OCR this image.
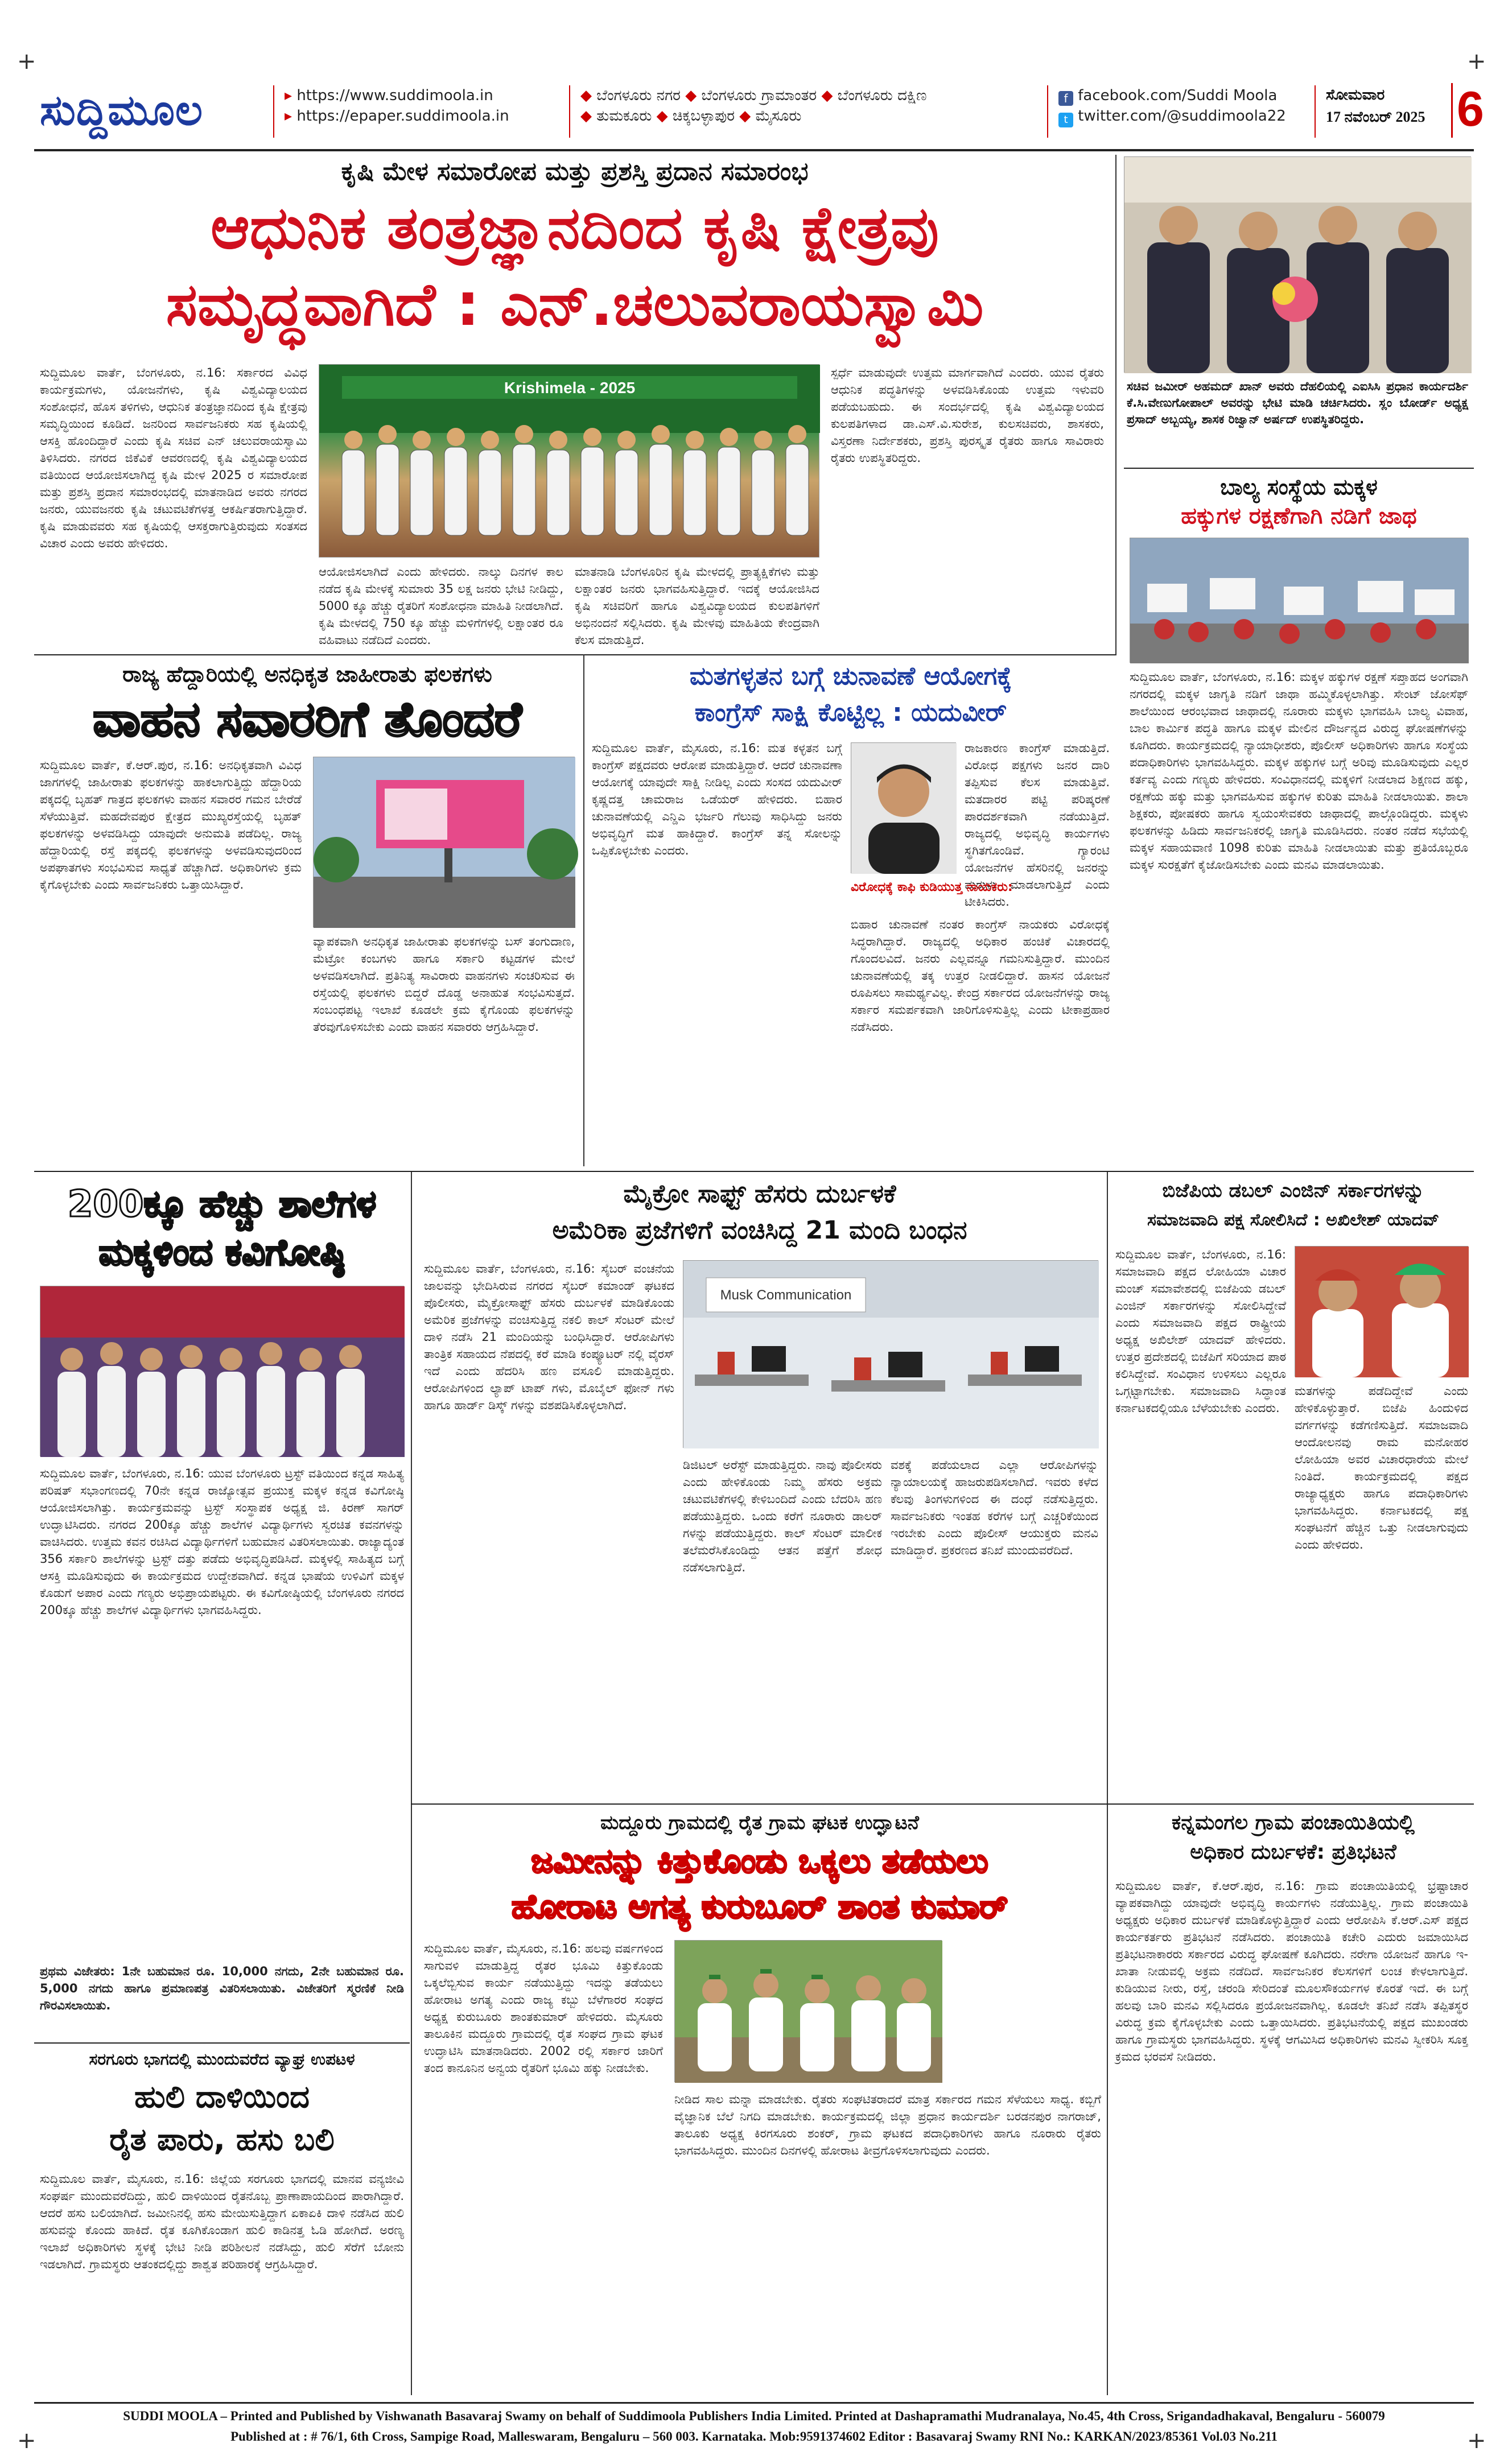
+	+
+	+
ಸುದ್ದಿಮೂಲ	▸ https://www.suddimoola.in
▸ https://epaper.suddimoola.in
◆ ಬೆಂಗಳೂರು ನಗರ ◆ ಬೆಂಗಳೂರು ಗ್ರಾಮಾಂತರ ◆ ಬೆಂಗಳೂರು ದಕ್ಷಿಣ
◆ ತುಮಕೂರು ◆ ಚಿಕ್ಕಬಳ್ಳಾಪುರ ◆ ಮೈಸೂರು
f facebook.com/Suddi Moola
t twitter.com/@suddimoola22
ಸೋಮವಾರ
17 ನವೆಂಬರ್ 2025 6
ಕೃಷಿ ಮೇಳ ಸಮಾರೋಪ ಮತ್ತು ಪ್ರಶಸ್ತಿ ಪ್ರದಾನ ಸಮಾರಂಭ
ಆಧುನಿಕ ತಂತ್ರಜ್ಞಾನದಿಂದ ಕೃಷಿ ಕ್ಷೇತ್ರವು
ಸಮೃದ್ಧವಾಗಿದೆ : ಎನ್.ಚಲುವರಾಯಸ್ವಾಮಿ
ಸುದ್ದಿಮೂಲ ವಾರ್ತೆ, ಬೆಂಗಳೂರು, ನ.16: ಸರ್ಕಾರದ ವಿವಿಧ ಕಾರ್ಯಕ್ರಮಗಳು, ಯೋಜನೆಗಳು, ಕೃಷಿ ವಿಶ್ವವಿದ್ಯಾಲಯದ ಸಂಶೋಧನೆ, ಹೊಸ ತಳಿಗಳು, ಆಧುನಿಕ ತಂತ್ರಜ್ಞಾನದಿಂದ ಕೃಷಿ ಕ್ಷೇತ್ರವು ಸಮೃದ್ಧಿಯಿಂದ ಕೂಡಿದೆ. ಜನರಿಂದ ಸಾರ್ವಜನಿಕರು ಸಹ ಕೃಷಿಯಲ್ಲಿ ಆಸಕ್ತಿ ಹೊಂದಿದ್ದಾರೆ ಎಂದು ಕೃಷಿ ಸಚಿವ ಎನ್ ಚಲುವರಾಯಸ್ವಾಮಿ ತಿಳಿಸಿದರು. ನಗರದ ಜಿಕೆವಿಕೆ ಆವರಣದಲ್ಲಿ ಕೃಷಿ ವಿಶ್ವವಿದ್ಯಾಲಯದ ವತಿಯಿಂದ ಆಯೋಜಿಸಲಾಗಿದ್ದ ಕೃಷಿ ಮೇಳ 2025 ರ ಸಮಾರೋಪ ಮತ್ತು ಪ್ರಶಸ್ತಿ ಪ್ರದಾನ ಸಮಾರಂಭದಲ್ಲಿ ಮಾತನಾಡಿದ ಅವರು ನಗರದ ಜನರು, ಯುವಜನರು ಕೃಷಿ ಚಟುವಟಿಕೆಗಳತ್ತ ಆಕರ್ಷಿತರಾಗುತ್ತಿದ್ದಾರೆ. ಕೃಷಿ ಮಾಡುವವರು ಸಹ ಕೃಷಿಯಲ್ಲಿ ಆಸಕ್ತರಾಗುತ್ತಿರುವುದು ಸಂತಸದ ವಿಚಾರ ಎಂದು ಅವರು ಹೇಳಿದರು.
Krishimela - 2025
ಆಯೋಜಿಸಲಾಗಿದೆ ಎಂದು ಹೇಳಿದರು. ನಾಲ್ಕು ದಿನಗಳ ಕಾಲ ನಡೆದ ಕೃಷಿ ಮೇಳಕ್ಕೆ ಸುಮಾರು 35 ಲಕ್ಷ ಜನರು ಭೇಟಿ ನೀಡಿದ್ದು, 5000 ಕ್ಕೂ ಹೆಚ್ಚು ರೈತರಿಗೆ ಸಂಶೋಧನಾ ಮಾಹಿತಿ ನೀಡಲಾಗಿದೆ. ಕೃಷಿ ಮೇಳದಲ್ಲಿ 750 ಕ್ಕೂ ಹೆಚ್ಚು ಮಳಿಗೆಗಳಲ್ಲಿ ಲಕ್ಷಾಂತರ ರೂ ವಹಿವಾಟು ನಡೆದಿದೆ ಎಂದರು.
ಮಾತನಾಡಿ ಬೆಂಗಳೂರಿನ ಕೃಷಿ ಮೇಳದಲ್ಲಿ ಪ್ರಾತ್ಯಕ್ಷಿಕೆಗಳು ಮತ್ತು ಲಕ್ಷಾಂತರ ಜನರು ಭಾಗವಹಿಸುತ್ತಿದ್ದಾರೆ. ಇದಕ್ಕೆ ಆಯೋಜಿಸಿದ ಕೃಷಿ ಸಚಿವರಿಗೆ ಹಾಗೂ ವಿಶ್ವವಿದ್ಯಾಲಯದ ಕುಲಪತಿಗಳಿಗೆ ಅಭಿನಂದನೆ ಸಲ್ಲಿಸಿದರು. ಕೃಷಿ ಮೇಳವು ಮಾಹಿತಿಯ ಕೇಂದ್ರವಾಗಿ ಕೆಲಸ ಮಾಡುತ್ತಿದೆ.
ಸ್ಪರ್ಧೆ ಮಾಡುವುದೇ ಉತ್ತಮ ಮಾರ್ಗವಾಗಿದೆ ಎಂದರು. ಯುವ ರೈತರು ಆಧುನಿಕ ಪದ್ಧತಿಗಳನ್ನು ಅಳವಡಿಸಿಕೊಂಡು ಉತ್ತಮ ಇಳುವರಿ ಪಡೆಯಬಹುದು. ಈ ಸಂದರ್ಭದಲ್ಲಿ ಕೃಷಿ ವಿಶ್ವವಿದ್ಯಾಲಯದ ಕುಲಪತಿಗಳಾದ ಡಾ.ಎಸ್.ವಿ.ಸುರೇಶ, ಕುಲಸಚಿವರು, ಶಾಸಕರು, ವಿಸ್ತರಣಾ ನಿರ್ದೇಶಕರು, ಪ್ರಶಸ್ತಿ ಪುರಸ್ಕೃತ ರೈತರು ಹಾಗೂ ಸಾವಿರಾರು ರೈತರು ಉಪಸ್ಥಿತರಿದ್ದರು.
ಸಚಿವ ಜಮೀರ್ ಅಹಮದ್ ಖಾನ್ ಅವರು ದೆಹಲಿಯಲ್ಲಿ ಎಐಸಿಸಿ ಪ್ರಧಾನ ಕಾರ್ಯದರ್ಶಿ ಕೆ.ಸಿ.ವೇಣುಗೋಪಾಲ್ ಅವರನ್ನು ಭೇಟಿ ಮಾಡಿ ಚರ್ಚಿಸಿದರು. ಸ್ಲಂ ಬೋರ್ಡ್ ಅಧ್ಯಕ್ಷ ಪ್ರಸಾದ್ ಅಬ್ಬಯ್ಯ, ಶಾಸಕ ರಿಜ್ವಾನ್ ಅರ್ಷದ್ ಉಪಸ್ಥಿತರಿದ್ದರು.
ಬಾಲ್ಯ ಸಂಸ್ಥೆಯ ಮಕ್ಕಳ
ಹಕ್ಕುಗಳ ರಕ್ಷಣೆಗಾಗಿ ನಡಿಗೆ ಜಾಥ
ಸುದ್ದಿಮೂಲ ವಾರ್ತೆ, ಬೆಂಗಳೂರು, ನ.16: ಮಕ್ಕಳ ಹಕ್ಕುಗಳ ರಕ್ಷಣೆ ಸಪ್ತಾಹದ ಅಂಗವಾಗಿ ನಗರದಲ್ಲಿ ಮಕ್ಕಳ ಜಾಗೃತಿ ನಡಿಗೆ ಜಾಥಾ ಹಮ್ಮಿಕೊಳ್ಳಲಾಗಿತ್ತು. ಸೇಂಟ್ ಜೋಸೆಫ್ ಶಾಲೆಯಿಂದ ಆರಂಭವಾದ ಜಾಥಾದಲ್ಲಿ ನೂರಾರು ಮಕ್ಕಳು ಭಾಗವಹಿಸಿ ಬಾಲ್ಯ ವಿವಾಹ, ಬಾಲ ಕಾರ್ಮಿಕ ಪದ್ಧತಿ ಹಾಗೂ ಮಕ್ಕಳ ಮೇಲಿನ ದೌರ್ಜನ್ಯದ ವಿರುದ್ಧ ಘೋಷಣೆಗಳನ್ನು ಕೂಗಿದರು. ಕಾರ್ಯಕ್ರಮದಲ್ಲಿ ನ್ಯಾಯಾಧೀಶರು, ಪೊಲೀಸ್ ಅಧಿಕಾರಿಗಳು ಹಾಗೂ ಸಂಸ್ಥೆಯ ಪದಾಧಿಕಾರಿಗಳು ಭಾಗವಹಿಸಿದ್ದರು. ಮಕ್ಕಳ ಹಕ್ಕುಗಳ ಬಗ್ಗೆ ಅರಿವು ಮೂಡಿಸುವುದು ಎಲ್ಲರ ಕರ್ತವ್ಯ ಎಂದು ಗಣ್ಯರು ಹೇಳಿದರು. ಸಂವಿಧಾನದಲ್ಲಿ ಮಕ್ಕಳಿಗೆ ನೀಡಲಾದ ಶಿಕ್ಷಣದ ಹಕ್ಕು, ರಕ್ಷಣೆಯ ಹಕ್ಕು ಮತ್ತು ಭಾಗವಹಿಸುವ ಹಕ್ಕುಗಳ ಕುರಿತು ಮಾಹಿತಿ ನೀಡಲಾಯಿತು. ಶಾಲಾ ಶಿಕ್ಷಕರು, ಪೋಷಕರು ಹಾಗೂ ಸ್ವಯಂಸೇವಕರು ಜಾಥಾದಲ್ಲಿ ಪಾಲ್ಗೊಂಡಿದ್ದರು. ಮಕ್ಕಳು ಫಲಕಗಳನ್ನು ಹಿಡಿದು ಸಾರ್ವಜನಿಕರಲ್ಲಿ ಜಾಗೃತಿ ಮೂಡಿಸಿದರು. ನಂತರ ನಡೆದ ಸಭೆಯಲ್ಲಿ ಮಕ್ಕಳ ಸಹಾಯವಾಣಿ 1098 ಕುರಿತು ಮಾಹಿತಿ ನೀಡಲಾಯಿತು ಮತ್ತು ಪ್ರತಿಯೊಬ್ಬರೂ ಮಕ್ಕಳ ಸುರಕ್ಷತೆಗೆ ಕೈಜೋಡಿಸಬೇಕು ಎಂದು ಮನವಿ ಮಾಡಲಾಯಿತು.
ರಾಜ್ಯ ಹೆದ್ದಾರಿಯಲ್ಲಿ ಅನಧಿಕೃತ ಜಾಹೀರಾತು ಫಲಕಗಳು
ವಾಹನ ಸವಾರರಿಗೆ ತೊಂದರೆ
ಸುದ್ದಿಮೂಲ ವಾರ್ತೆ, ಕೆ.ಆರ್.ಪುರ, ನ.16: ಅನಧಿಕೃತವಾಗಿ ವಿವಿಧ ಜಾಗಗಳಲ್ಲಿ ಜಾಹೀರಾತು ಫಲಕಗಳನ್ನು ಹಾಕಲಾಗುತ್ತಿದ್ದು ಹೆದ್ದಾರಿಯ ಪಕ್ಕದಲ್ಲಿ ಬೃಹತ್ ಗಾತ್ರದ ಫಲಕಗಳು ವಾಹನ ಸವಾರರ ಗಮನ ಬೇರೆಡೆ ಸೆಳೆಯುತ್ತಿವೆ. ಮಹದೇವಪುರ ಕ್ಷೇತ್ರದ ಮುಖ್ಯರಸ್ತೆಯಲ್ಲಿ ಬೃಹತ್ ಫಲಕಗಳನ್ನು ಅಳವಡಿಸಿದ್ದು ಯಾವುದೇ ಅನುಮತಿ ಪಡೆದಿಲ್ಲ. ರಾಜ್ಯ ಹೆದ್ದಾರಿಯಲ್ಲಿ ರಸ್ತೆ ಪಕ್ಕದಲ್ಲಿ ಫಲಕಗಳನ್ನು ಅಳವಡಿಸುವುದರಿಂದ ಅಪಘಾತಗಳು ಸಂಭವಿಸುವ ಸಾಧ್ಯತೆ ಹೆಚ್ಚಾಗಿದೆ. ಅಧಿಕಾರಿಗಳು ಕ್ರಮ ಕೈಗೊಳ್ಳಬೇಕು ಎಂದು ಸಾರ್ವಜನಿಕರು ಒತ್ತಾಯಿಸಿದ್ದಾರೆ.
ವ್ಯಾಪಕವಾಗಿ ಅನಧಿಕೃತ ಜಾಹೀರಾತು ಫಲಕಗಳನ್ನು ಬಸ್ ತಂಗುದಾಣ, ಮೆಟ್ರೋ ಕಂಬಗಳು ಹಾಗೂ ಸರ್ಕಾರಿ ಕಟ್ಟಡಗಳ ಮೇಲೆ ಅಳವಡಿಸಲಾಗಿದೆ. ಪ್ರತಿನಿತ್ಯ ಸಾವಿರಾರು ವಾಹನಗಳು ಸಂಚರಿಸುವ ಈ ರಸ್ತೆಯಲ್ಲಿ ಫಲಕಗಳು ಬಿದ್ದರೆ ದೊಡ್ಡ ಅನಾಹುತ ಸಂಭವಿಸುತ್ತದೆ. ಸಂಬಂಧಪಟ್ಟ ಇಲಾಖೆ ಕೂಡಲೇ ಕ್ರಮ ಕೈಗೊಂಡು ಫಲಕಗಳನ್ನು ತೆರವುಗೊಳಿಸಬೇಕು ಎಂದು ವಾಹನ ಸವಾರರು ಆಗ್ರಹಿಸಿದ್ದಾರೆ.
ಮತಗಳ್ಳತನ ಬಗ್ಗೆ ಚುನಾವಣೆ ಆಯೋಗಕ್ಕೆ
ಕಾಂಗ್ರೆಸ್ ಸಾಕ್ಷಿ ಕೊಟ್ಟಿಲ್ಲ : ಯದುವೀರ್
ಸುದ್ದಿಮೂಲ ವಾರ್ತೆ, ಮೈಸೂರು, ನ.16: ಮತ ಕಳ್ಳತನ ಬಗ್ಗೆ ಕಾಂಗ್ರೆಸ್ ಪಕ್ಷದವರು ಆರೋಪ ಮಾಡುತ್ತಿದ್ದಾರೆ. ಆದರೆ ಚುನಾವಣಾ ಆಯೋಗಕ್ಕೆ ಯಾವುದೇ ಸಾಕ್ಷಿ ನೀಡಿಲ್ಲ ಎಂದು ಸಂಸದ ಯದುವೀರ್ ಕೃಷ್ಣದತ್ತ ಚಾಮರಾಜ ಒಡೆಯರ್ ಹೇಳಿದರು. ಬಿಹಾರ ಚುನಾವಣೆಯಲ್ಲಿ ಎನ್ಡಿಎ ಭರ್ಜರಿ ಗೆಲುವು ಸಾಧಿಸಿದ್ದು ಜನರು ಅಭಿವೃದ್ಧಿಗೆ ಮತ ಹಾಕಿದ್ದಾರೆ. ಕಾಂಗ್ರೆಸ್ ತನ್ನ ಸೋಲನ್ನು ಒಪ್ಪಿಕೊಳ್ಳಬೇಕು ಎಂದರು.
ರಾಜಕಾರಣ ಕಾಂಗ್ರೆಸ್ ಮಾಡುತ್ತಿದೆ. ವಿರೋಧ ಪಕ್ಷಗಳು ಜನರ ದಾರಿ ತಪ್ಪಿಸುವ ಕೆಲಸ ಮಾಡುತ್ತಿವೆ. ಮತದಾರರ ಪಟ್ಟಿ ಪರಿಷ್ಕರಣೆ ಪಾರದರ್ಶಕವಾಗಿ ನಡೆಯುತ್ತಿದೆ. ರಾಜ್ಯದಲ್ಲಿ ಅಭಿವೃದ್ಧಿ ಕಾರ್ಯಗಳು ಸ್ಥಗಿತಗೊಂಡಿವೆ. ಗ್ಯಾರಂಟಿ ಯೋಜನೆಗಳ ಹೆಸರಿನಲ್ಲಿ ಜನರನ್ನು ಮರುಳು ಮಾಡಲಾಗುತ್ತಿದೆ ಎಂದು ಟೀಕಿಸಿದರು.
ವಿರೋಧಕ್ಕೆ ಕಾಫಿ ಕುಡಿಯುತ್ತ ನಾಯಕರು:
ಬಿಹಾರ ಚುನಾವಣೆ ನಂತರ ಕಾಂಗ್ರೆಸ್ ನಾಯಕರು ವಿರೋಧಕ್ಕೆ ಸಿದ್ಧರಾಗಿದ್ದಾರೆ. ರಾಜ್ಯದಲ್ಲಿ ಅಧಿಕಾರ ಹಂಚಿಕೆ ವಿಚಾರದಲ್ಲಿ ಗೊಂದಲವಿದೆ. ಜನರು ಎಲ್ಲವನ್ನೂ ಗಮನಿಸುತ್ತಿದ್ದಾರೆ. ಮುಂದಿನ ಚುನಾವಣೆಯಲ್ಲಿ ತಕ್ಕ ಉತ್ತರ ನೀಡಲಿದ್ದಾರೆ. ಹಾಸನ ಯೋಜನೆ ರೂಪಿಸಲು ಸಾಮರ್ಥ್ಯವಿಲ್ಲ. ಕೇಂದ್ರ ಸರ್ಕಾರದ ಯೋಜನೆಗಳನ್ನು ರಾಜ್ಯ ಸರ್ಕಾರ ಸಮರ್ಪಕವಾಗಿ ಜಾರಿಗೊಳಿಸುತ್ತಿಲ್ಲ ಎಂದು ಟೀಕಾಪ್ರಹಾರ ನಡೆಸಿದರು.
200ಕ್ಕೂ ಹೆಚ್ಚು ಶಾಲೆಗಳ
ಮಕ್ಕಳಿಂದ ಕವಿಗೋಷ್ಠಿ
ಸುದ್ದಿಮೂಲ ವಾರ್ತೆ, ಬೆಂಗಳೂರು, ನ.16: ಯುವ ಬೆಂಗಳೂರು ಟ್ರಸ್ಟ್ ವತಿಯಿಂದ ಕನ್ನಡ ಸಾಹಿತ್ಯ ಪರಿಷತ್ ಸಭಾಂಗಣದಲ್ಲಿ 70ನೇ ಕನ್ನಡ ರಾಜ್ಯೋತ್ಸವ ಪ್ರಯುಕ್ತ ಮಕ್ಕಳ ಕನ್ನಡ ಕವಿಗೋಷ್ಠಿ ಆಯೋಜಿಸಲಾಗಿತ್ತು. ಕಾರ್ಯಕ್ರಮವನ್ನು ಟ್ರಸ್ಟ್ ಸಂಸ್ಥಾಪಕ ಅಧ್ಯಕ್ಷ ಜಿ. ಕಿರಣ್ ಸಾಗರ್ ಉದ್ಘಾಟಿಸಿದರು. ನಗರದ 200ಕ್ಕೂ ಹೆಚ್ಚು ಶಾಲೆಗಳ ವಿದ್ಯಾರ್ಥಿಗಳು ಸ್ವರಚಿತ ಕವನಗಳನ್ನು ವಾಚಿಸಿದರು. ಉತ್ತಮ ಕವನ ರಚಿಸಿದ ವಿದ್ಯಾರ್ಥಿಗಳಿಗೆ ಬಹುಮಾನ ವಿತರಿಸಲಾಯಿತು. ರಾಜ್ಯಾದ್ಯಂತ 356 ಸರ್ಕಾರಿ ಶಾಲೆಗಳನ್ನು ಟ್ರಸ್ಟ್ ದತ್ತು ಪಡೆದು ಅಭಿವೃದ್ಧಿಪಡಿಸಿದೆ. ಮಕ್ಕಳಲ್ಲಿ ಸಾಹಿತ್ಯದ ಬಗ್ಗೆ ಆಸಕ್ತಿ ಮೂಡಿಸುವುದು ಈ ಕಾರ್ಯಕ್ರಮದ ಉದ್ದೇಶವಾಗಿದೆ. ಕನ್ನಡ ಭಾಷೆಯ ಉಳಿವಿಗೆ ಮಕ್ಕಳ ಕೊಡುಗೆ ಅಪಾರ ಎಂದು ಗಣ್ಯರು ಅಭಿಪ್ರಾಯಪಟ್ಟರು. ಈ ಕವಿಗೋಷ್ಠಿಯಲ್ಲಿ ಬೆಂಗಳೂರು ನಗರದ 200ಕ್ಕೂ ಹೆಚ್ಚು ಶಾಲೆಗಳ ವಿದ್ಯಾರ್ಥಿಗಳು ಭಾಗವಹಿಸಿದ್ದರು.
ಪ್ರಥಮ ವಿಜೇತರು: 1ನೇ ಬಹುಮಾನ ರೂ. 10,000 ನಗದು, 2ನೇ ಬಹುಮಾನ ರೂ. 5,000 ನಗದು ಹಾಗೂ ಪ್ರಮಾಣಪತ್ರ ವಿತರಿಸಲಾಯಿತು. ವಿಜೇತರಿಗೆ ಸ್ಮರಣಿಕೆ ನೀಡಿ ಗೌರವಿಸಲಾಯಿತು.
ಸರಗೂರು ಭಾಗದಲ್ಲಿ ಮುಂದುವರೆದ ವ್ಯಾಘ್ರ ಉಪಟಳ
ಹುಲಿ ದಾಳಿಯಿಂದ
ರೈತ ಪಾರು, ಹಸು ಬಲಿ
ಸುದ್ದಿಮೂಲ ವಾರ್ತೆ, ಮೈಸೂರು, ನ.16: ಜಿಲ್ಲೆಯ ಸರಗೂರು ಭಾಗದಲ್ಲಿ ಮಾನವ ವನ್ಯಜೀವಿ ಸಂಘರ್ಷ ಮುಂದುವರೆದಿದ್ದು, ಹುಲಿ ದಾಳಿಯಿಂದ ರೈತನೊಬ್ಬ ಪ್ರಾಣಾಪಾಯದಿಂದ ಪಾರಾಗಿದ್ದಾರೆ. ಆದರೆ ಹಸು ಬಲಿಯಾಗಿದೆ. ಜಮೀನಿನಲ್ಲಿ ಹಸು ಮೇಯಿಸುತ್ತಿದ್ದಾಗ ಏಕಾಏಕಿ ದಾಳಿ ನಡೆಸಿದ ಹುಲಿ ಹಸುವನ್ನು ಕೊಂದು ಹಾಕಿದೆ. ರೈತ ಕೂಗಿಕೊಂಡಾಗ ಹುಲಿ ಕಾಡಿನತ್ತ ಓಡಿ ಹೋಗಿದೆ. ಅರಣ್ಯ ಇಲಾಖೆ ಅಧಿಕಾರಿಗಳು ಸ್ಥಳಕ್ಕೆ ಭೇಟಿ ನೀಡಿ ಪರಿಶೀಲನೆ ನಡೆಸಿದ್ದು, ಹುಲಿ ಸೆರೆಗೆ ಬೋನು ಇಡಲಾಗಿದೆ. ಗ್ರಾಮಸ್ಥರು ಆತಂಕದಲ್ಲಿದ್ದು ಶಾಶ್ವತ ಪರಿಹಾರಕ್ಕೆ ಆಗ್ರಹಿಸಿದ್ದಾರೆ.
ಮೈಕ್ರೋ ಸಾಫ್ಟ್ ಹೆಸರು ದುರ್ಬಳಕೆ
ಅಮೆರಿಕಾ ಪ್ರಜೆಗಳಿಗೆ ವಂಚಿಸಿದ್ದ 21 ಮಂದಿ ಬಂಧನ
ಸುದ್ದಿಮೂಲ ವಾರ್ತೆ, ಬೆಂಗಳೂರು, ನ.16: ಸೈಬರ್ ವಂಚನೆಯ ಜಾಲವನ್ನು ಭೇದಿಸಿರುವ ನಗರದ ಸೈಬರ್ ಕಮಾಂಡ್ ಘಟಕದ ಪೊಲೀಸರು, ಮೈಕ್ರೋಸಾಫ್ಟ್ ಹೆಸರು ದುರ್ಬಳಕೆ ಮಾಡಿಕೊಂಡು ಅಮೆರಿಕ ಪ್ರಜೆಗಳನ್ನು ವಂಚಿಸುತ್ತಿದ್ದ ನಕಲಿ ಕಾಲ್ ಸೆಂಟರ್ ಮೇಲೆ ದಾಳಿ ನಡೆಸಿ 21 ಮಂದಿಯನ್ನು ಬಂಧಿಸಿದ್ದಾರೆ. ಆರೋಪಿಗಳು ತಾಂತ್ರಿಕ ಸಹಾಯದ ನೆಪದಲ್ಲಿ ಕರೆ ಮಾಡಿ ಕಂಪ್ಯೂಟರ್ ನಲ್ಲಿ ವೈರಸ್ ಇದೆ ಎಂದು ಹೆದರಿಸಿ ಹಣ ವಸೂಲಿ ಮಾಡುತ್ತಿದ್ದರು. ಆರೋಪಿಗಳಿಂದ ಲ್ಯಾಪ್ ಟಾಪ್ ಗಳು, ಮೊಬೈಲ್ ಫೋನ್ ಗಳು ಹಾಗೂ ಹಾರ್ಡ್ ಡಿಸ್ಕ್ ಗಳನ್ನು ವಶಪಡಿಸಿಕೊಳ್ಳಲಾಗಿದೆ.
Musk Communication
ಡಿಜಿಟಲ್ ಅರೆಸ್ಟ್ ಮಾಡುತ್ತಿದ್ದರು. ನಾವು ಪೊಲೀಸರು ಎಂದು ಹೇಳಿಕೊಂಡು ನಿಮ್ಮ ಹೆಸರು ಅಕ್ರಮ ಚಟುವಟಿಕೆಗಳಲ್ಲಿ ಕೇಳಿಬಂದಿದೆ ಎಂದು ಬೆದರಿಸಿ ಹಣ ಪಡೆಯುತ್ತಿದ್ದರು. ಒಂದು ಕರೆಗೆ ನೂರಾರು ಡಾಲರ್ ಗಳನ್ನು ಪಡೆಯುತ್ತಿದ್ದರು. ಕಾಲ್ ಸೆಂಟರ್ ಮಾಲೀಕ ತಲೆಮರೆಸಿಕೊಂಡಿದ್ದು ಆತನ ಪತ್ತೆಗೆ ಶೋಧ ನಡೆಸಲಾಗುತ್ತಿದೆ.
ವಶಕ್ಕೆ ಪಡೆಯಲಾದ ಎಲ್ಲಾ ಆರೋಪಿಗಳನ್ನು ನ್ಯಾಯಾಲಯಕ್ಕೆ ಹಾಜರುಪಡಿಸಲಾಗಿದೆ. ಇವರು ಕಳೆದ ಕೆಲವು ತಿಂಗಳುಗಳಿಂದ ಈ ದಂಧೆ ನಡೆಸುತ್ತಿದ್ದರು. ಸಾರ್ವಜನಿಕರು ಇಂತಹ ಕರೆಗಳ ಬಗ್ಗೆ ಎಚ್ಚರಿಕೆಯಿಂದ ಇರಬೇಕು ಎಂದು ಪೊಲೀಸ್ ಆಯುಕ್ತರು ಮನವಿ ಮಾಡಿದ್ದಾರೆ. ಪ್ರಕರಣದ ತನಿಖೆ ಮುಂದುವರೆದಿದೆ.
ಬಿಜೆಪಿಯ ಡಬಲ್ ಎಂಜಿನ್ ಸರ್ಕಾರಗಳನ್ನು
ಸಮಾಜವಾದಿ ಪಕ್ಷ ಸೋಲಿಸಿದೆ : ಅಖಿಲೇಶ್ ಯಾದವ್
ಸುದ್ದಿಮೂಲ ವಾರ್ತೆ, ಬೆಂಗಳೂರು, ನ.16: ಸಮಾಜವಾದಿ ಪಕ್ಷದ ಲೋಹಿಯಾ ವಿಚಾರ ಮಂಚ್ ಸಮಾವೇಶದಲ್ಲಿ ಬಿಜೆಪಿಯ ಡಬಲ್ ಎಂಜಿನ್ ಸರ್ಕಾರಗಳನ್ನು ಸೋಲಿಸಿದ್ದೇವೆ ಎಂದು ಸಮಾಜವಾದಿ ಪಕ್ಷದ ರಾಷ್ಟ್ರೀಯ ಅಧ್ಯಕ್ಷ ಅಖಿಲೇಶ್ ಯಾದವ್ ಹೇಳಿದರು. ಉತ್ತರ ಪ್ರದೇಶದಲ್ಲಿ ಬಿಜೆಪಿಗೆ ಸರಿಯಾದ ಪಾಠ ಕಲಿಸಿದ್ದೇವೆ. ಸಂವಿಧಾನ ಉಳಿಸಲು ಎಲ್ಲರೂ ಒಗ್ಗಟ್ಟಾಗಬೇಕು. ಸಮಾಜವಾದಿ ಸಿದ್ಧಾಂತ ಕರ್ನಾಟಕದಲ್ಲಿಯೂ ಬೆಳೆಯಬೇಕು ಎಂದರು.
ಮತಗಳನ್ನು ಪಡೆದಿದ್ದೇವೆ ಎಂದು ಹೇಳಿಕೊಳ್ಳುತ್ತಾರೆ. ಬಿಜೆಪಿ ಹಿಂದುಳಿದ ವರ್ಗಗಳನ್ನು ಕಡೆಗಣಿಸುತ್ತಿದೆ. ಸಮಾಜವಾದಿ ಆಂದೋಲನವು ರಾಮ ಮನೋಹರ ಲೋಹಿಯಾ ಅವರ ವಿಚಾರಧಾರೆಯ ಮೇಲೆ ನಿಂತಿದೆ. ಕಾರ್ಯಕ್ರಮದಲ್ಲಿ ಪಕ್ಷದ ರಾಜ್ಯಾಧ್ಯಕ್ಷರು ಹಾಗೂ ಪದಾಧಿಕಾರಿಗಳು ಭಾಗವಹಿಸಿದ್ದರು. ಕರ್ನಾಟಕದಲ್ಲಿ ಪಕ್ಷ ಸಂಘಟನೆಗೆ ಹೆಚ್ಚಿನ ಒತ್ತು ನೀಡಲಾಗುವುದು ಎಂದು ಹೇಳಿದರು.
ಮದ್ದೂರು ಗ್ರಾಮದಲ್ಲಿ ರೈತ ಗ್ರಾಮ ಘಟಕ ಉದ್ಘಾಟನೆ
ಜಮೀನನ್ನು ಕಿತ್ತುಕೊಂಡು ಒಕ್ಕಲು ತಡೆಯಲು
ಹೋರಾಟ ಅಗತ್ಯ ಕುರುಬೂರ್ ಶಾಂತ ಕುಮಾರ್
ಸುದ್ದಿಮೂಲ ವಾರ್ತೆ, ಮೈಸೂರು, ನ.16: ಹಲವು ವರ್ಷಗಳಿಂದ ಸಾಗುವಳಿ ಮಾಡುತ್ತಿದ್ದ ರೈತರ ಭೂಮಿ ಕಿತ್ತುಕೊಂಡು ಒಕ್ಕಲೆಬ್ಬಿಸುವ ಕಾರ್ಯ ನಡೆಯುತ್ತಿದ್ದು ಇದನ್ನು ತಡೆಯಲು ಹೋರಾಟ ಅಗತ್ಯ ಎಂದು ರಾಜ್ಯ ಕಬ್ಬು ಬೆಳೆಗಾರರ ಸಂಘದ ಅಧ್ಯಕ್ಷ ಕುರುಬೂರು ಶಾಂತಕುಮಾರ್ ಹೇಳಿದರು. ಮೈಸೂರು ತಾಲೂಕಿನ ಮದ್ದೂರು ಗ್ರಾಮದಲ್ಲಿ ರೈತ ಸಂಘದ ಗ್ರಾಮ ಘಟಕ ಉದ್ಘಾಟಿಸಿ ಮಾತನಾಡಿದರು. 2002 ರಲ್ಲಿ ಸರ್ಕಾರ ಜಾರಿಗೆ ತಂದ ಕಾನೂನಿನ ಅನ್ವಯ ರೈತರಿಗೆ ಭೂಮಿ ಹಕ್ಕು ನೀಡಬೇಕು.
ನೀಡಿದ ಸಾಲ ಮನ್ನಾ ಮಾಡಬೇಕು. ರೈತರು ಸಂಘಟಿತರಾದರೆ ಮಾತ್ರ ಸರ್ಕಾರದ ಗಮನ ಸೆಳೆಯಲು ಸಾಧ್ಯ. ಕಬ್ಬಿಗೆ ವೈಜ್ಞಾನಿಕ ಬೆಲೆ ನಿಗದಿ ಮಾಡಬೇಕು. ಕಾರ್ಯಕ್ರಮದಲ್ಲಿ ಜಿಲ್ಲಾ ಪ್ರಧಾನ ಕಾರ್ಯದರ್ಶಿ ಬರಡನಪುರ ನಾಗರಾಜ್, ತಾಲೂಕು ಅಧ್ಯಕ್ಷ ಕಿರಗಸೂರು ಶಂಕರ್, ಗ್ರಾಮ ಘಟಕದ ಪದಾಧಿಕಾರಿಗಳು ಹಾಗೂ ನೂರಾರು ರೈತರು ಭಾಗವಹಿಸಿದ್ದರು. ಮುಂದಿನ ದಿನಗಳಲ್ಲಿ ಹೋರಾಟ ತೀವ್ರಗೊಳಿಸಲಾಗುವುದು ಎಂದರು.
ಕನ್ನಮಂಗಲ ಗ್ರಾಮ ಪಂಚಾಯಿತಿಯಲ್ಲಿ
ಅಧಿಕಾರ ದುರ್ಬಳಕೆ: ಪ್ರತಿಭಟನೆ
ಸುದ್ದಿಮೂಲ ವಾರ್ತೆ, ಕೆ.ಆರ್.ಪುರ, ನ.16: ಗ್ರಾಮ ಪಂಚಾಯಿತಿಯಲ್ಲಿ ಭ್ರಷ್ಟಾಚಾರ ವ್ಯಾಪಕವಾಗಿದ್ದು ಯಾವುದೇ ಅಭಿವೃದ್ಧಿ ಕಾರ್ಯಗಳು ನಡೆಯುತ್ತಿಲ್ಲ. ಗ್ರಾಮ ಪಂಚಾಯಿತಿ ಅಧ್ಯಕ್ಷರು ಅಧಿಕಾರ ದುರ್ಬಳಕೆ ಮಾಡಿಕೊಳ್ಳುತ್ತಿದ್ದಾರೆ ಎಂದು ಆರೋಪಿಸಿ ಕೆ.ಆರ್.ಎಸ್ ಪಕ್ಷದ ಕಾರ್ಯಕರ್ತರು ಪ್ರತಿಭಟನೆ ನಡೆಸಿದರು. ಪಂಚಾಯಿತಿ ಕಚೇರಿ ಎದುರು ಜಮಾಯಿಸಿದ ಪ್ರತಿಭಟನಾಕಾರರು ಸರ್ಕಾರದ ವಿರುದ್ಧ ಘೋಷಣೆ ಕೂಗಿದರು. ನರೇಗಾ ಯೋಜನೆ ಹಾಗೂ ಇ-ಖಾತಾ ನೀಡುವಲ್ಲಿ ಅಕ್ರಮ ನಡೆದಿದೆ. ಸಾರ್ವಜನಿಕರ ಕೆಲಸಗಳಿಗೆ ಲಂಚ ಕೇಳಲಾಗುತ್ತಿದೆ. ಕುಡಿಯುವ ನೀರು, ರಸ್ತೆ, ಚರಂಡಿ ಸೇರಿದಂತೆ ಮೂಲಸೌಕರ್ಯಗಳ ಕೊರತೆ ಇದೆ. ಈ ಬಗ್ಗೆ ಹಲವು ಬಾರಿ ಮನವಿ ಸಲ್ಲಿಸಿದರೂ ಪ್ರಯೋಜನವಾಗಿಲ್ಲ. ಕೂಡಲೇ ತನಿಖೆ ನಡೆಸಿ ತಪ್ಪಿತಸ್ಥರ ವಿರುದ್ಧ ಕ್ರಮ ಕೈಗೊಳ್ಳಬೇಕು ಎಂದು ಒತ್ತಾಯಿಸಿದರು. ಪ್ರತಿಭಟನೆಯಲ್ಲಿ ಪಕ್ಷದ ಮುಖಂಡರು ಹಾಗೂ ಗ್ರಾಮಸ್ಥರು ಭಾಗವಹಿಸಿದ್ದರು. ಸ್ಥಳಕ್ಕೆ ಆಗಮಿಸಿದ ಅಧಿಕಾರಿಗಳು ಮನವಿ ಸ್ವೀಕರಿಸಿ ಸೂಕ್ತ ಕ್ರಮದ ಭರವಸೆ ನೀಡಿದರು.
SUDDI MOOLA – Printed and Published by Vishwanath Basavaraj Swamy on behalf of Suddimoola Publishers India Limited. Printed at Dashapramathi Mudranalaya, No.45, 4th Cross, Srigandadhakaval, Bengaluru - 560079
Published at : # 76/1, 6th Cross, Sampige Road, Malleswaram, Bengaluru – 560 003. Karnataka. Mob:9591374602 Editor : Basavaraj Swamy RNI No.: KARKAN/2023/85361 Vol.03 No.211
